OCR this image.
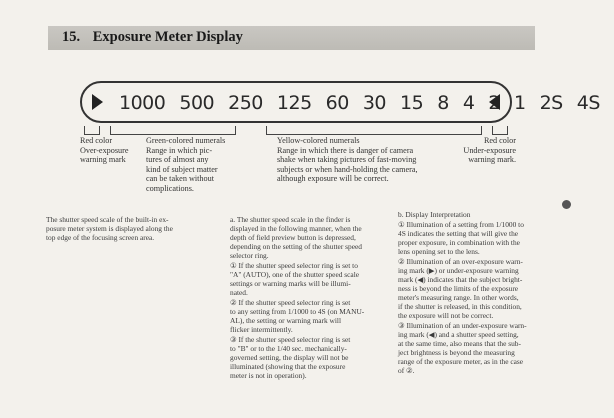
15. Exposure Meter Display
1000 500 250 125 60 30 15 8 4 2 1 2S 4S
Red color
Over-exposure
warning mark
Green-colored numerals
Range in which pic-
tures of almost any
kind of subject matter
can be taken without
complications.
Yellow-colored numerals
Range in which there is danger of camera
shake when taking pictures of fast-moving
subjects or when hand-holding the camera,
although exposure will be correct.
Red color
Under-exposure
warning mark.
The shutter speed scale of the built-in ex-
posure meter system is displayed along the
top edge of the focusing screen area.

a. The shutter speed scale in the finder is
displayed in the following manner, when the
depth of field preview button is depressed,
depending on the setting of the shutter speed
selector ring.

① If the shutter speed selector ring is set to
"A" (AUTO), one of the shutter speed scale
settings or warning marks will be illumi-
nated.

② If the shutter speed selector ring is set
to any setting from 1/1000 to 4S (on MANU-
AL), the setting or warning mark will
flicker intermittently.

③ If the shutter speed selector ring is set
to "B" or to the 1/40 sec. mechanically-
governed setting, the display will not be
illuminated (showing that the exposure
meter is not in operation).

b. Display Interpretation

① Illumination of a setting from 1/1000 to
4S indicates the setting that will give the
proper exposure, in combination with the
lens opening set to the lens.

② Illumination of an over-exposure warn-
ing mark (▶) or under-exposure warning
mark (◀) indicates that the subject bright-
ness is beyond the limits of the exposure
meter's measuring range. In other words,
if the shutter is released, in this condition,
the exposure will not be correct.

③ Illumination of an under-exposure warn-
ing mark (◀) and a shutter speed setting,
at the same time, also means that the sub-
ject brightness is beyond the measuring
range of the exposure meter, as in the case
of ②.
